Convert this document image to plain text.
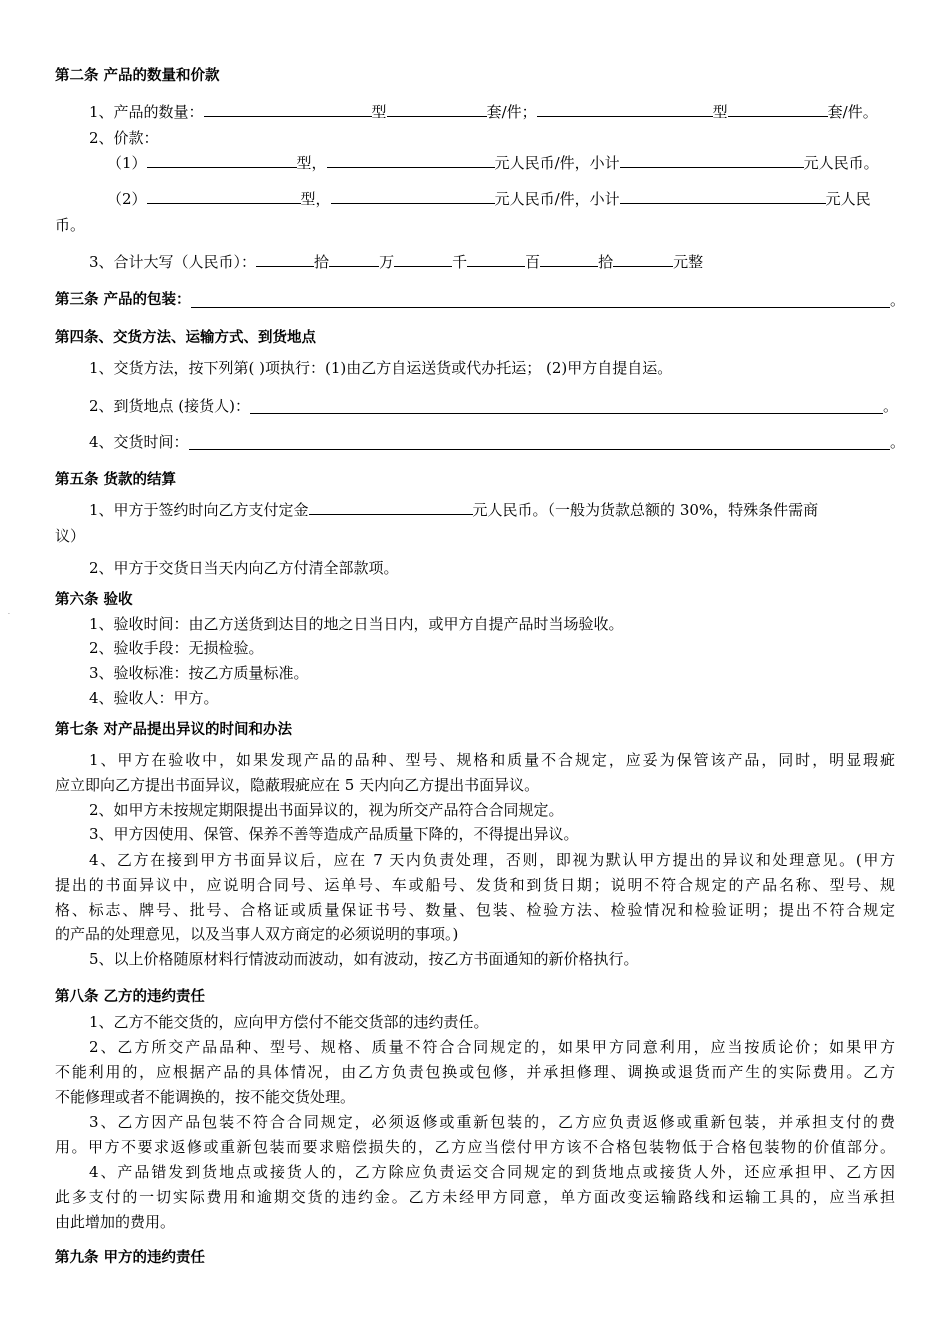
第二条 产品的数量和价款
1、产品的数量：	型	套/件；	型	套/件。
2、价款：
（1）	型，	元人民币/件，小计	元人民币。
（2）	型，	元人民币/件，小计	元人民
币。
3、合计大写（人民币）：	拾	万	千	百	拾	元整
第三条 产品的包装：	。
第四条、交货方法、运输方式、到货地点
1、交货方法，按下列第( )项执行：(1)由乙方自运送货或代办托运； (2)甲方自提自运。
2、到货地点 (接货人)：	。
4、交货时间：	。
第五条 货款的结算
1、甲方于签约时向乙方支付定金	元人民币。（一般为货款总额的 30%，特殊条件需商
议）
2、甲方于交货日当天内向乙方付清全部款项。
.
第六条 验收
1、验收时间：由乙方送货到达目的地之日当日内，或甲方自提产品时当场验收。
2、验收手段：无损检验。
3、验收标准：按乙方质量标准。
4、验收人：甲方。
第七条 对产品提出异议的时间和办法
1、甲方在验收中，如果发现产品的品种、型号、规格和质量不合规定，应妥为保管该产品，同时，明显瑕疵
应立即向乙方提出书面异议，隐蔽瑕疵应在 5 天内向乙方提出书面异议。
2、如甲方未按规定期限提出书面异议的，视为所交产品符合合同规定。
3、甲方因使用、保管、保养不善等造成产品质量下降的，不得提出异议。
4、乙方在接到甲方书面异议后，应在 7 天内负责处理，否则，即视为默认甲方提出的异议和处理意见。(甲方
提出的书面异议中，应说明合同号、运单号、车或船号、发货和到货日期；说明不符合规定的产品名称、型号、规
格、标志、牌号、批号、合格证或质量保证书号、数量、包装、检验方法、检验情况和检验证明；提出不符合规定
的产品的处理意见，以及当事人双方商定的必须说明的事项。)
5、以上价格随原材料行情波动而波动，如有波动，按乙方书面通知的新价格执行。
第八条 乙方的违约责任
1、乙方不能交货的，应向甲方偿付不能交货部的违约责任。
2、乙方所交产品品种、型号、规格、质量不符合合同规定的，如果甲方同意利用，应当按质论价；如果甲方
不能利用的，应根据产品的具体情况，由乙方负责包换或包修，并承担修理、调换或退货而产生的实际费用。乙方
不能修理或者不能调换的，按不能交货处理。
3、乙方因产品包装不符合合同规定，必须返修或重新包装的，乙方应负责返修或重新包装，并承担支付的费
用。甲方不要求返修或重新包装而要求赔偿损失的，乙方应当偿付甲方该不合格包装物低于合格包装物的价值部分。
4、产品错发到货地点或接货人的，乙方除应负责运交合同规定的到货地点或接货人外，还应承担甲、乙方因
此多支付的一切实际费用和逾期交货的违约金。乙方未经甲方同意，单方面改变运输路线和运输工具的，应当承担
由此增加的费用。
第九条 甲方的违约责任
